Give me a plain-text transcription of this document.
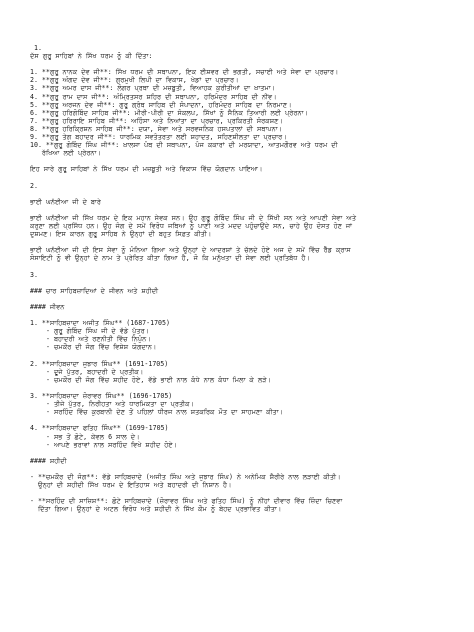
1.
ਦੱਸ ਗੁਰੂ ਸਾਹਿਬਾਂ ਨੇ ਸਿੱਖ ਧਰਮ ਨੂੰ ਕੀ ਦਿੱਤਾ:
1. **ਗੁਰੂ ਨਾਨਕ ਦੇਵ ਜੀ**: ਸਿੱਖ ਧਰਮ ਦੀ ਸਥਾਪਨਾ, ਇਕ ਈਸ਼ਵਰ ਦੀ ਭਗਤੀ, ਸਚਾਈ ਅਤੇ ਸੇਵਾ ਦਾ ਪ੍ਰਚਾਰ।
2. **ਗੁਰੂ ਅੰਗਦ ਦੇਵ ਜੀ**: ਗੁਰਮੁਖੀ ਲਿਪੀ ਦਾ ਵਿਕਾਸ, ਖੇਡਾਂ ਦਾ ਪ੍ਰਚਾਰ।
3. **ਗੁਰੂ ਅਮਰ ਦਾਸ ਜੀ**: ਲੰਗਰ ਪ੍ਰਥਾ ਦੀ ਮਜ਼ਬੂਤੀ, ਵਿਆਹਕ ਕੁਰੀਤੀਆਂ ਦਾ ਖ਼ਾਤਮਾ।
4. **ਗੁਰੂ ਰਾਮ ਦਾਸ ਜੀ**: ਅੰਮ੍ਰਿਤਸਰ ਸ਼ਹਿਰ ਦੀ ਸਥਾਪਨਾ, ਹਰਿਮੰਦਰ ਸਾਹਿਬ ਦੀ ਨੀਂਵ।
5. **ਗੁਰੂ ਅਰਜਨ ਦੇਵ ਜੀ**: ਗੁਰੂ ਗ੍ਰੰਥ ਸਾਹਿਬ ਦੀ ਸੰਪਾਦਨਾ, ਹਰਿਮੰਦਰ ਸਾਹਿਬ ਦਾ ਨਿਰਮਾਣ।
6. **ਗੁਰੂ ਹਰਿਗੋਬਿੰਦ ਸਾਹਿਬ ਜੀ**: ਮੀਰੀ-ਪੀਰੀ ਦਾ ਸੰਕਲਪ, ਸਿੱਖਾਂ ਨੂੰ ਸੈਨਿਕ ਤਿਆਰੀ ਲਈ ਪ੍ਰੇਰਨਾ।
7. **ਗੁਰੂ ਹਰਿਰਾਇ ਸਾਹਿਬ ਜੀ**: ਅਹਿੰਸਾ ਅਤੇ ਨਿਆਂਤਾ ਦਾ ਪ੍ਰਚਾਰ, ਪ੍ਰਕਿਰਤੀ ਸੰਰਕਸ਼ਣ।
8. **ਗੁਰੂ ਹਰਿਕ੍ਰਿਸ਼ਨ ਸਾਹਿਬ ਜੀ**: ਦਯਾ, ਸੇਵਾ ਅਤੇ ਸਰਵਜਨਿਕ ਹਸਪਤਾਲਾਂ ਦੀ ਸਥਾਪਨਾ।
9. **ਗੁਰੂ ਤੇਗ ਬਹਾਦਰ ਜੀ**: ਧਾਰਮਿਕ ਸਵਤੰਤਰਤਾ ਲਈ ਸ਼ਹਾਦਤ, ਸਹਿਣਸ਼ੀਲਤਾ ਦਾ ਪ੍ਰਚਾਰ।
10. **ਗੁਰੂ ਗੋਬਿੰਦ ਸਿੰਘ ਜੀ**: ਖ਼ਾਲਸਾ ਪੰਥ ਦੀ ਸਥਾਪਨਾ, ਪੰਜ ਕਕਾਰਾਂ ਦੀ ਮਰਯਾਦਾ, ਆਤਮਗੌਰਵ ਅਤੇ ਧਰਮ ਦੀ
ਰੱਖਿਆ ਲਈ ਪ੍ਰੇਰਨਾ।
ਇਹ ਸਾਰੇ ਗੁਰੂ ਸਾਹਿਬਾਂ ਨੇ ਸਿੱਖ ਧਰਮ ਦੀ ਮਜ਼ਬੂਤੀ ਅਤੇ ਵਿਕਾਸ ਵਿੱਚ ਯੋਗਦਾਨ ਪਾਇਆ।
2.
ਭਾਈ ਘਨੱਈਆ ਜੀ ਦੇ ਬਾਰੇ
ਭਾਈ ਘਨੱਈਆ ਜੀ ਸਿੱਖ ਧਰਮ ਦੇ ਇਕ ਮਹਾਨ ਸੇਵਕ ਸਨ। ਉਹ ਗੁਰੂ ਗੋਬਿੰਦ ਸਿੰਘ ਜੀ ਦੇ ਸਿੱਖੀ ਸਨ ਅਤੇ ਆਪਣੀ ਸੇਵਾ ਅਤੇ
ਕਰੁਣਾ ਲਈ ਪ੍ਰਸਿੱਧ ਹਨ। ਉਹ ਜੰਗ ਦੇ ਸਮੇਂ ਵਿਰੋਧ ਜਥਿਆਂ ਨੂੰ ਪਾਣੀ ਅਤੇ ਮਦਦ ਪਹੁੰਚਾਉਂਦੇ ਸਨ, ਚਾਹੇ ਉਹ ਦੋਸਤ ਹੋਣ ਜਾਂ
ਦੁਸ਼ਮਣ। ਇਸ ਕਾਰਨ ਗੁਰੂ ਸਾਹਿਬ ਨੇ ਉਨ੍ਹਾਂ ਦੀ ਬਹੁਤ ਸਿਫ਼ਤ ਕੀਤੀ।
ਭਾਈ ਘਨੱਈਆ ਜੀ ਦੀ ਇਸ ਸੇਵਾ ਨੂੰ ਮੰਨਿਆ ਗਿਆ ਅਤੇ ਉਨ੍ਹਾਂ ਦੇ ਆਦਰਸ਼ਾਂ ਤੇ ਚੱਲਦੇ ਹੋਏ ਅਜ ਦੇ ਸਮੇਂ ਵਿੱਚ ਰੈੱਡ ਕ੍ਰਾਸ
ਸੋਸਾਇਟੀ ਨੂੰ ਵੀ ਉਨ੍ਹਾਂ ਦੇ ਨਾਮ ਤੇ ਪ੍ਰੇਰਿਤ ਕੀਤਾ ਗਿਆ ਹੈ, ਜੋ ਕਿ ਮਨੁੱਖਤਾ ਦੀ ਸੇਵਾ ਲਈ ਪ੍ਰਤਿਬੱਧ ਹੈ।
3.
### ਚਾਰ ਸਾਹਿਬਜ਼ਾਦਿਆਂ ਦੇ ਜੀਵਨ ਅਤੇ ਸ਼ਹੀਦੀ
#### ਜੀਵਨ
1. **ਸਾਹਿਬਜ਼ਾਦਾ ਅਜੀਤ ਸਿੰਘ** (1687-1705)
- ਗੁਰੂ ਗੋਬਿੰਦ ਸਿੰਘ ਜੀ ਦੇ ਵੱਡੇ ਪੁੱਤਰ।
- ਬਹਾਦਰੀ ਅਤੇ ਰਣਨੀਤੀ ਵਿੱਚ ਨਿਪੁੰਨ।
- ਚਮਕੌਰ ਦੀ ਜੰਗ ਵਿੱਚ ਵਿਸ਼ੇਸ਼ ਯੋਗਦਾਨ।
2. **ਸਾਹਿਬਜ਼ਾਦਾ ਜੁਝਾਰ ਸਿੰਘ** (1691-1705)
- ਦੂਜੇ ਪੁੱਤਰ, ਬਹਾਦਰੀ ਦੇ ਪ੍ਰਤੀਕ।
- ਚਮਕੌਰ ਦੀ ਜੰਗ ਵਿੱਚ ਸ਼ਹੀਦ ਹੋਏ, ਵੱਡੇ ਭਾਈ ਨਾਲ ਕੰਧੇ ਨਾਲ ਕੰਧਾ ਮਿਲਾ ਕੇ ਲੜੇ।
3. **ਸਾਹਿਬਜ਼ਾਦਾ ਜ਼ੋਰਾਵਰ ਸਿੰਘ** (1696-1705)
- ਤੀਜੇ ਪੁੱਤਰ, ਨਿਰੀਹਤਾ ਅਤੇ ਧਾਰਮਿਕਤਾ ਦਾ ਪ੍ਰਤੀਕ।
- ਸਰਹਿੰਦ ਵਿੱਚ ਕੁਰਬਾਨੀ ਦੇਣ ਤੋਂ ਪਹਿਲਾਂ ਧੀਰਜ ਨਾਲ ਸ਼ਤਕਰਿਕ ਮੌਤ ਦਾ ਸਾਹਮਣਾ ਕੀਤਾ।
4. **ਸਾਹਿਬਜ਼ਾਦਾ ਫਤਿਹ ਸਿੰਘ** (1699-1705)
- ਸਭ ਤੋਂ ਛੋਟੇ, ਕੇਵਲ 6 ਸਾਲ ਦੇ।
- ਆਪਣੇ ਭਰਾਵਾਂ ਨਾਲ ਸਰਹਿੰਦ ਵਿਖੇ ਸ਼ਹੀਦ ਹੋਏ।
#### ਸ਼ਹੀਦੀ
- **ਚਮਕੌਰ ਦੀ ਜੰਗ**: ਵੱਡੇ ਸਾਹਿਬਜ਼ਾਦੇ (ਅਜੀਤ ਸਿੰਘ ਅਤੇ ਜੁਝਾਰ ਸਿੰਘ) ਨੇ ਅਨੇਮਿਕ ਸ਼ੈਰੀਰੇ ਨਾਲ ਲੜਾਈ ਕੀਤੀ।
ਉਨ੍ਹਾਂ ਦੀ ਸ਼ਹੀਦੀ ਸਿੱਖ ਧਰਮ ਦੇ ਇਤਿਹਾਸ ਅਤੇ ਬਹਾਦਰੀ ਦੀ ਨਿਸ਼ਾਨ ਹੈ।
- **ਸਰਹਿੰਦ ਦੀ ਸਾਜ਼ਿਸ਼**: ਛੋਟੇ ਸਾਹਿਬਜ਼ਾਦੇ (ਜ਼ੋਰਾਵਰ ਸਿੰਘ ਅਤੇ ਫਤਿਹ ਸਿੰਘ) ਨੂੰ ਨੀਂਹਾਂ ਦੀਵਾਰ ਵਿੱਚ ਜ਼ਿੰਦਾ ਚਿਣਵਾ
ਦਿੱਤਾ ਗਿਆ। ਉਨ੍ਹਾਂ ਦੇ ਅਟਲ ਵਿਰੋਧ ਅਤੇ ਸ਼ਹੀਦੀ ਨੇ ਸਿੱਖ ਕੌਮ ਨੂੰ ਬੇਹਦ ਪ੍ਰਭਾਵਿਤ ਕੀਤਾ।
